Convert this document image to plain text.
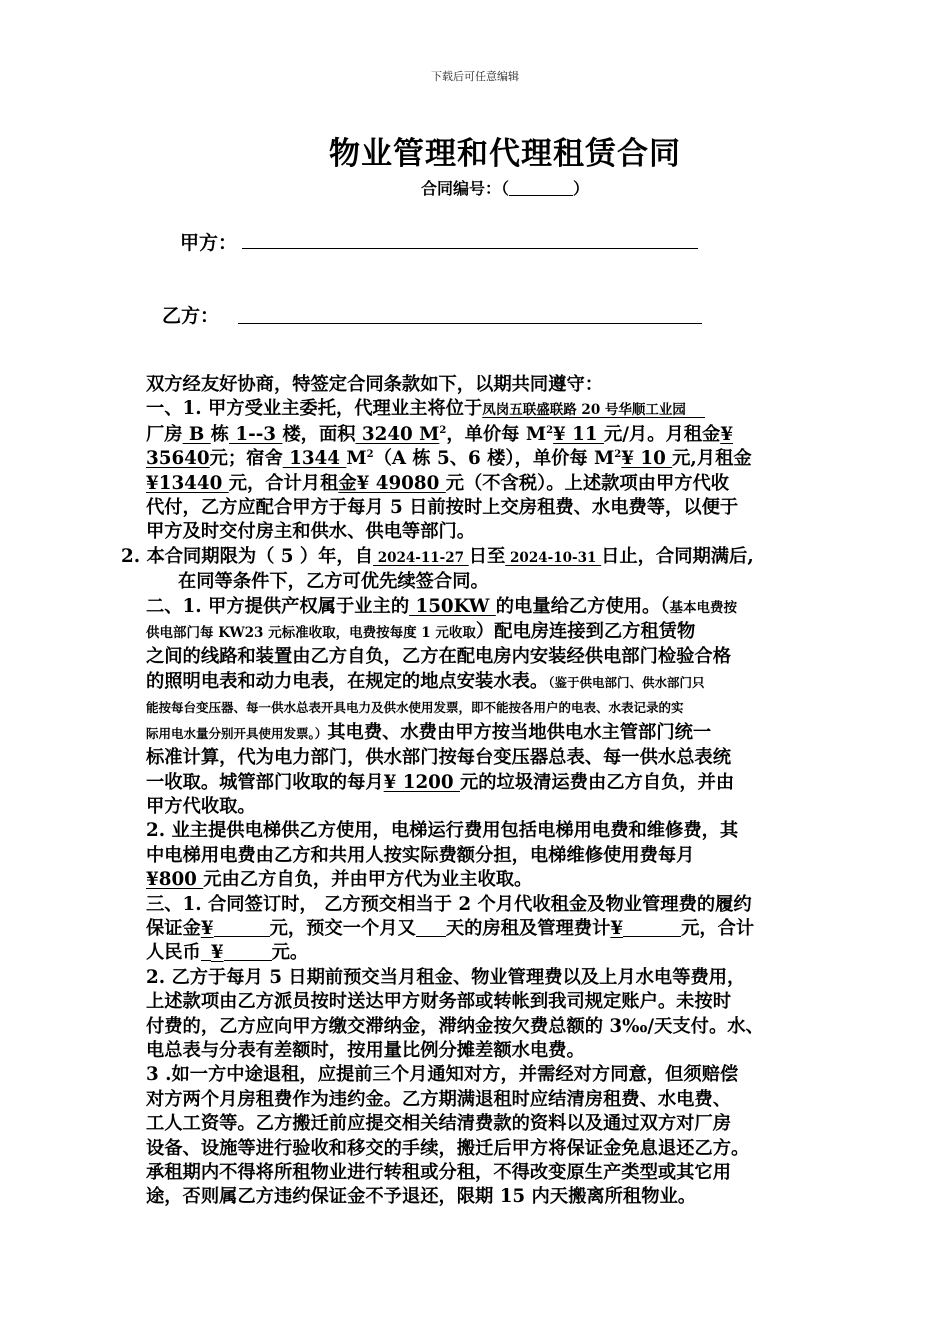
下载后可任意编辑
物业管理和代理租赁合同
合同编号：（	）
甲方：
乙方：

双方经友好协商，特签定合同条款如下，以期共同遵守：

一、1. 甲方受业主委托，代理业主将位于凤岗五联盛联路 20 号华顺工业园

厂房 B 栋 1--3 楼，面积 3240 $M^2$，单价每 $M^2¥$ 11 元/月。月租金¥

35640元；宿舍 1344 $M^2(A$ 栋 5、6 楼），单价每 $M^2¥$ 10 元,月租金

¥13440 元，合计月租金¥ 49080 元（不含税）。上述款项由甲方代收

代付，乙方应配合甲方于每月 5 日前按时上交房租费、水电费等，以便于

甲方及时交付房主和供水、供电等部门。

2. 本合同期限为（ 5 ）年，自 2024-11-27 日至 2024-10-31 日止，合同期满后,

在同等条件下，乙方可优先续签合同。

二、1. 甲方提供产权属于业主的 150KW 的电量给乙方使用。（基本电费按

供电部门每 KW23 元标准收取，电费按每度 1 元收取）配电房连接到乙方租赁物

之间的线路和装置由乙方自负，乙方在配电房内安装经供电部门检验合格

的照明电表和动力电表，在规定的地点安装水表。（鉴于供电部门、供水部门只

能按每台变压器、每一供水总表开具电力及供水使用发票，即不能按各用户的电表、水表记录的实

际用电水量分别开具使用发票。）其电费、水费由甲方按当地供电水主管部门统一

标准计算，代为电力部门，供水部门按每台变压器总表、每一供水总表统

一收取。城管部门收取的每月¥ 1200 元的垃圾清运费由乙方自负，并由

甲方代收取。

2. 业主提供电梯供乙方使用，电梯运行费用包括电梯用电费和维修费，其

中电梯用电费由乙方和共用人按实际费额分担，电梯维修使用费每月

¥800 元由乙方自负，并由甲方代为业主收取。

三、1. 合同签订时， 乙方预交相当于 2 个月代收租金及物业管理费的履约

保证金¥	元，预交一个月又 天的房租及管理费计¥	元，合计

人民币 ¥	元。

2. 乙方于每月 5 日期前预交当月租金、物业管理费以及上月水电等费用，

上述款项由乙方派员按时送达甲方财务部或转帐到我司规定账户。未按时

付费的，乙方应向甲方缴交滞纳金，滞纳金按欠费总额的 3‰/天支付。水、

电总表与分表有差额时，按用量比例分摊差额水电费。

3 .如一方中途退租，应提前三个月通知对方，并需经对方同意，但须赔偿

对方两个月房租费作为违约金。乙方期满退租时应结清房租费、水电费、

工人工资等。乙方搬迁前应提交相关结清费款的资料以及通过双方对厂房

设备、设施等进行验收和移交的手续，搬迁后甲方将保证金免息退还乙方。

承租期内不得将所租物业进行转租或分租，不得改变原生产类型或其它用

途，否则属乙方违约保证金不予退还，限期 15 内天搬离所租物业。
